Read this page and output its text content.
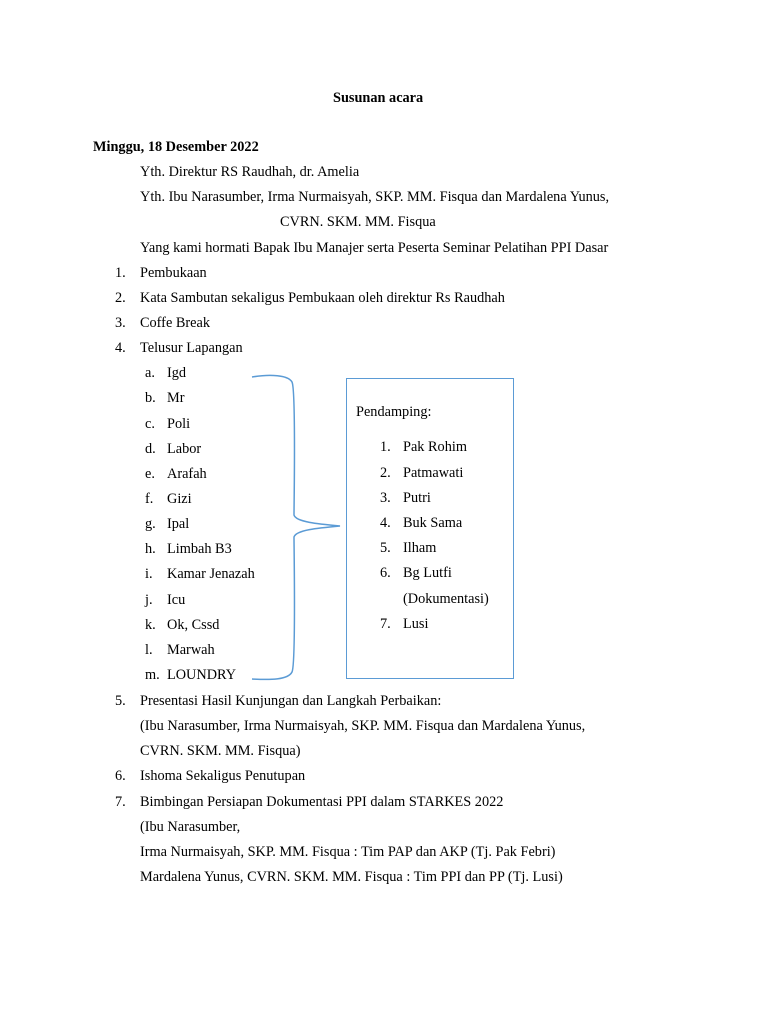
Susunan acara
Minggu, 18 Desember 2022
Yth. Direktur RS Raudhah, dr. Amelia
Yth. Ibu Narasumber, Irma Nurmaisyah, SKP. MM. Fisqua dan Mardalena Yunus,
CVRN. SKM. MM. Fisqua
Yang kami hormati Bapak Ibu Manajer serta Peserta Seminar Pelatihan PPI Dasar
1. Pembukaan
2. Kata Sambutan sekaligus Pembukaan oleh direktur Rs Raudhah
3. Coffe Break
4. Telusur Lapangan
a. Igd
b. Mr
c. Poli
d. Labor
e. Arafah
f. Gizi
g. Ipal
h. Limbah B3
i. Kamar Jenazah
j. Icu
k. Ok, Cssd
l. Marwah
m. LOUNDRY
Pendamping:
1. Pak Rohim
2. Patmawati
3. Putri
4. Buk Sama
5. Ilham
6. Bg Lutfi
(Dokumentasi)
7. Lusi
5. Presentasi Hasil Kunjungan dan Langkah Perbaikan:
(Ibu Narasumber, Irma Nurmaisyah, SKP. MM. Fisqua dan Mardalena Yunus,
CVRN. SKM. MM. Fisqua)
6. Ishoma Sekaligus Penutupan
7. Bimbingan Persiapan Dokumentasi PPI dalam STARKES 2022
(Ibu Narasumber,
Irma Nurmaisyah, SKP. MM. Fisqua : Tim PAP dan AKP (Tj. Pak Febri)
Mardalena Yunus, CVRN. SKM. MM. Fisqua : Tim PPI dan PP (Tj. Lusi)
